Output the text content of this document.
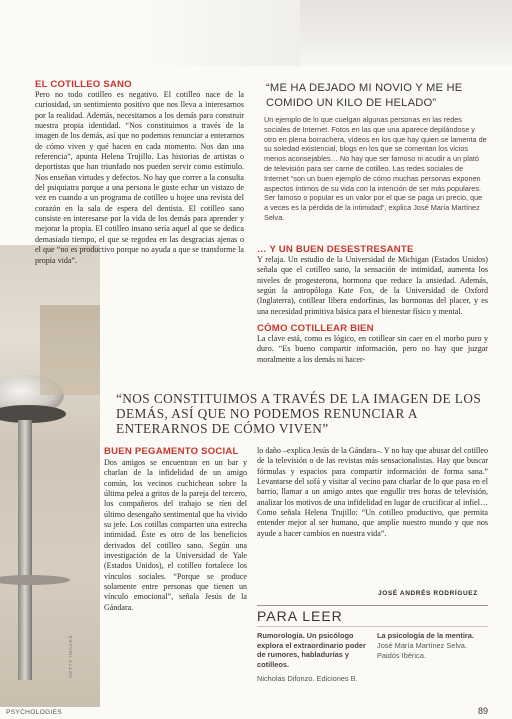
EL COTILLEO SANO

Pero no todo cotilleo es negativo. El cotilleo nace de la curiosidad, un sentimiento positivo que nos lleva a interesarnos por la realidad. Además, necesitamos a los demás para construir nuestra propia identidad. “Nos constituimos a través de la imagen de los demás, así que no podemos renunciar a enterarnos de cómo viven y qué hacen en cada momento. Nos dan una referencia”, apunta Helena Trujillo. Las historias de artistas o deportistas que han triunfado nos pueden servir como estímulo. Nos enseñan virtudes y defectos. No hay que correr a la consulta del psiquiatra porque a una persona le guste echar un vistazo de vez en cuando a un programa de cotilleo u hojee una revista del corazón en la sala de espera del dentista. El cotilleo sano consiste en interesarse por la vida de los demás para aprender y mejorar la propia. El cotilleo insano sería aquel al que se dedica demasiado tiempo, el que se regodea en las desgracias ajenas o el que “no es productivo porque no ayuda a que se transforme la propia vida”.

“ME HA DEJADO MI NOVIO Y ME HE COMIDO UN KILO DE HELADO”
Un ejemplo de lo que cuelgan algunas personas en las redes sociales de Internet. Fotos en las que una aparece depilándose y otro en plena borrachera, vídeos en los que hay quien se lamenta de su soledad existencial, blogs en los que se comentan los vicios menos aconsejables… No hay que ser famoso ni acudir a un plató de televisión para ser carne de cotilleo. Las redes sociales de Internet “son un buen ejemplo de cómo muchas personas exponen aspectos íntimos de su vida con la intención de ser más populares. Ser famoso o popular es un valor por el que se paga un precio, que a veces es la pérdida de la intimidad”, explica José María Martínez Selva.
… Y UN BUEN DESESTRESANTE

Y relaja. Un estudio de la Universidad de Michigan (Estados Unidos) señala que el cotilleo sano, la sensación de intimidad, aumenta los niveles de progesterona, hormona que reduce la ansiedad. Además, según la antropóloga Kate Fox, de la Universidad de Oxford (Inglaterra), cotillear libera endorfinas, las hormonas del placer, y es una necesidad primitiva básica para el bienestar físico y mental.

CÓMO COTILLEAR BIEN

La clave está, como es lógico, en cotillear sin caer en el morbo puro y duro. “Es bueno compartir información, pero no hay que juzgar moralmente a los demás ni hacer-

“NOS CONSTITUIMOS A TRAVÉS DE LA IMAGEN DE LOS DEMÁS, ASÍ QUE NO PODEMOS RENUNCIAR A ENTERARNOS DE CÓMO VIVEN”
BUEN PEGAMENTO SOCIAL

Dos amigos se encuentran en un bar y charlan de la infidelidad de un amigo común, los vecinos cuchichean sobre la última pelea a gritos de la pareja del tercero, los compañeros del trabajo se ríen del último desengaño sentimental que ha vivido su jefe. Los cotillas comparten una estrecha intimidad. Éste es otro de los beneficios derivados del cotilleo sano. Según una investigación de la Universidad de Yale (Estados Unidos), el cotilleo fortalece los vínculos sociales. “Porque se produce solamente entre personas que tienen un vínculo emocional”, señala Jesús de la Gándara.

lo daño –explica Jesús de la Gándara–. Y no hay que abusar del cotilleo de la televisión o de las revistas más sensacionalistas. Hay que buscar fórmulas y espacios para compartir información de forma sana.” Levantarse del sofá y visitar al vecino para charlar de lo que pasa en el barrio, llamar a un amigo antes que engullir tres horas de televisión, analizar los motivos de una infidelidad en lugar de crucificar al infiel… Como señala Helena Trujillo: “Un cotilleo productivo, que permita entender mejor al ser humano, que amplíe nuestro mundo y que nos ayude a hacer cambios en nuestra vida”.

JOSÉ ANDRÉS RODRÍGUEZ
PARA LEER
Rumorología. Un psicólogo explora el extraordinario poder de rumores, habladurías y cotilleos.
Nicholas Difonzo. Ediciones B.
La psicología de la mentira.
José María Martínez Selva. Paidós Ibérica.
GETTY IMAGES
PSYCHOLOGIES	89
